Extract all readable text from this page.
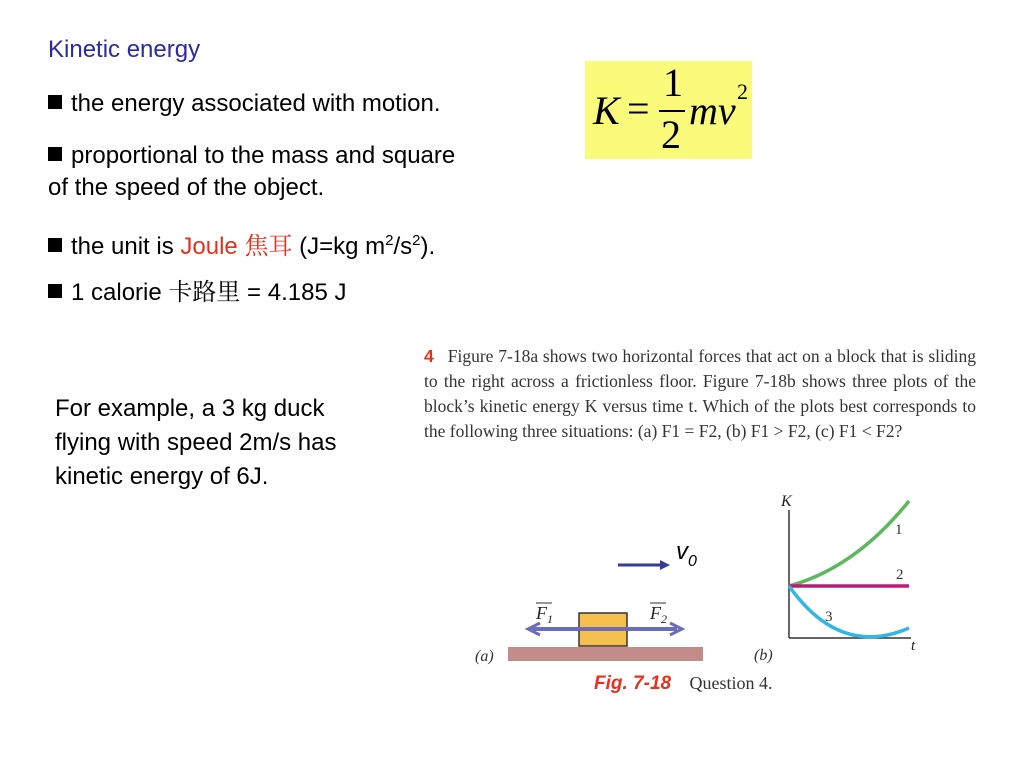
Kinetic energy
the energy associated with motion.
proportional to the mass and square
of the speed of the object.
the unit is Joule 焦耳 (J=kg $m^2/s^2$).
1 calorie 卡路里 = 4.185 J
K =
1
2
mv 2
For example, a 3 kg duck
flying with speed 2m/s has
kinetic energy of 6J.
4 Figure 7-18a shows two horizontal forces that act on a block that is sliding to the right across a frictionless floor. Figure 7-18b shows three plots of the block’s kinetic energy K versus time t. Which of the plots best corresponds to the following three situations: (a) F1 = F2, (b) F1 > F2, (c) F1 < F2?
$v_0$
$F_1$	$F_2$
(a)
K
t
1
2
3
(b)
Fig. 7-18 Question 4.
